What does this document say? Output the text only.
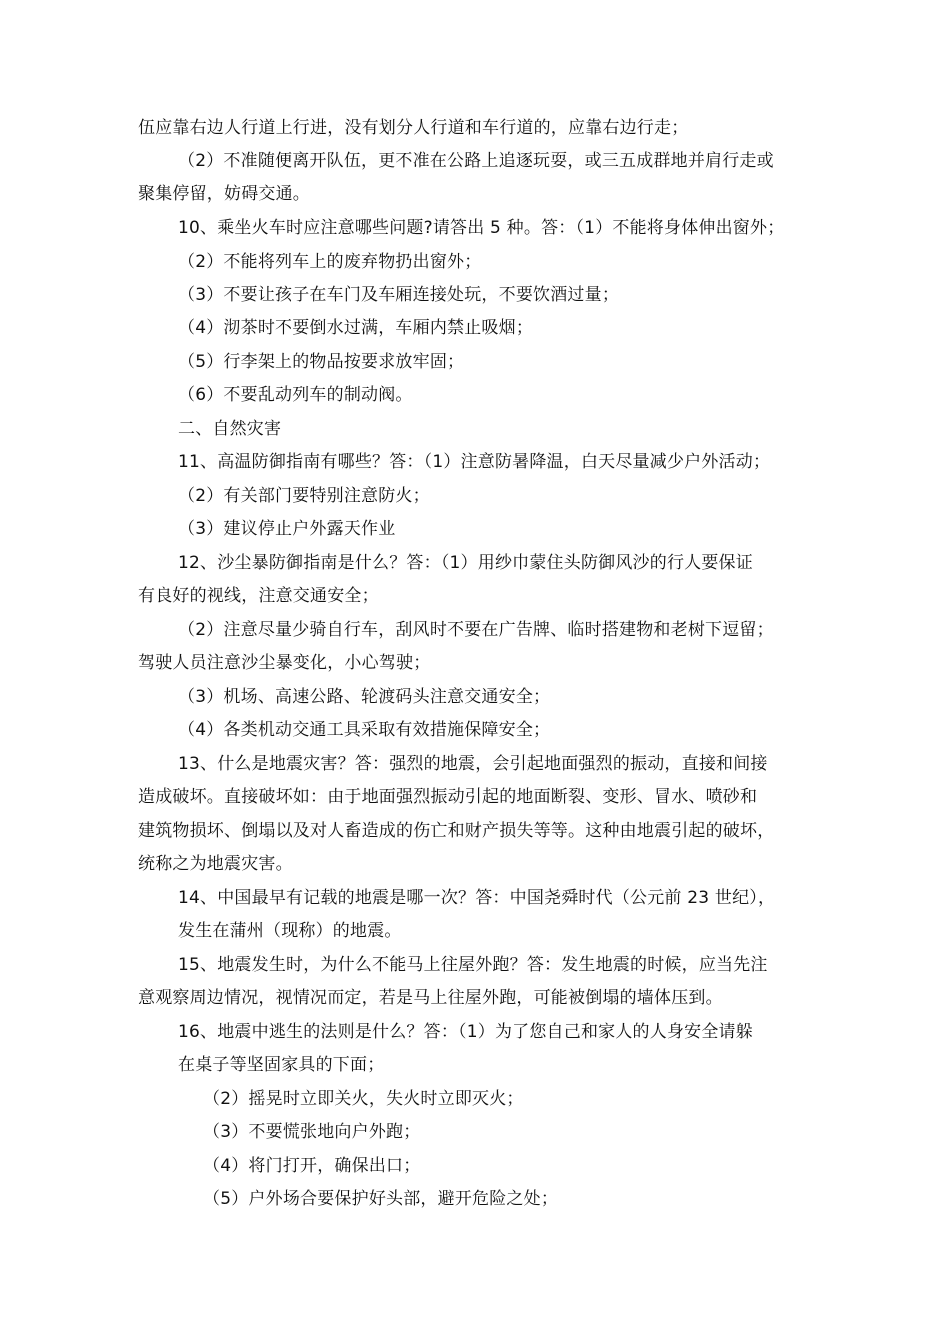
伍应靠右边人行道上行进，没有划分人行道和车行道的，应靠右边行走；
（2）不准随便离开队伍，更不准在公路上追逐玩耍，或三五成群地并肩行走或
聚集停留，妨碍交通。
10、乘坐火车时应注意哪些问题?请答出 5 种。答：（1）不能将身体伸出窗外；
（2）不能将列车上的废弃物扔出窗外；
（3）不要让孩子在车门及车厢连接处玩，不要饮酒过量；
（4）沏茶时不要倒水过满，车厢内禁止吸烟；
（5）行李架上的物品按要求放牢固；
（6）不要乱动列车的制动阀。
二、自然灾害
11、高温防御指南有哪些？答：（1）注意防暑降温，白天尽量减少户外活动；
（2）有关部门要特别注意防火；
（3）建议停止户外露天作业
12、沙尘暴防御指南是什么？答：（1）用纱巾蒙住头防御风沙的行人要保证
有良好的视线，注意交通安全；
（2）注意尽量少骑自行车，刮风时不要在广告牌、临时搭建物和老树下逗留；
驾驶人员注意沙尘暴变化，小心驾驶；
（3）机场、高速公路、轮渡码头注意交通安全；
（4）各类机动交通工具采取有效措施保障安全；
13、什么是地震灾害？答：强烈的地震，会引起地面强烈的振动，直接和间接
造成破坏。直接破坏如：由于地面强烈振动引起的地面断裂、变形、冒水、喷砂和
建筑物损坏、倒塌以及对人畜造成的伤亡和财产损失等等。这种由地震引起的破坏，
统称之为地震灾害。
14、中国最早有记载的地震是哪一次？答：中国尧舜时代（公元前 23 世纪），
发生在蒲州（现称）的地震。
15、地震发生时，为什么不能马上往屋外跑？答：发生地震的时候，应当先注
意观察周边情况，视情况而定，若是马上往屋外跑，可能被倒塌的墙体压到。
16、地震中逃生的法则是什么？答：（1）为了您自己和家人的人身安全请躲
在桌子等坚固家具的下面；
（2）摇晃时立即关火，失火时立即灭火；
（3）不要慌张地向户外跑；
（4）将门打开，确保出口；
（5）户外场合要保护好头部，避开危险之处；
